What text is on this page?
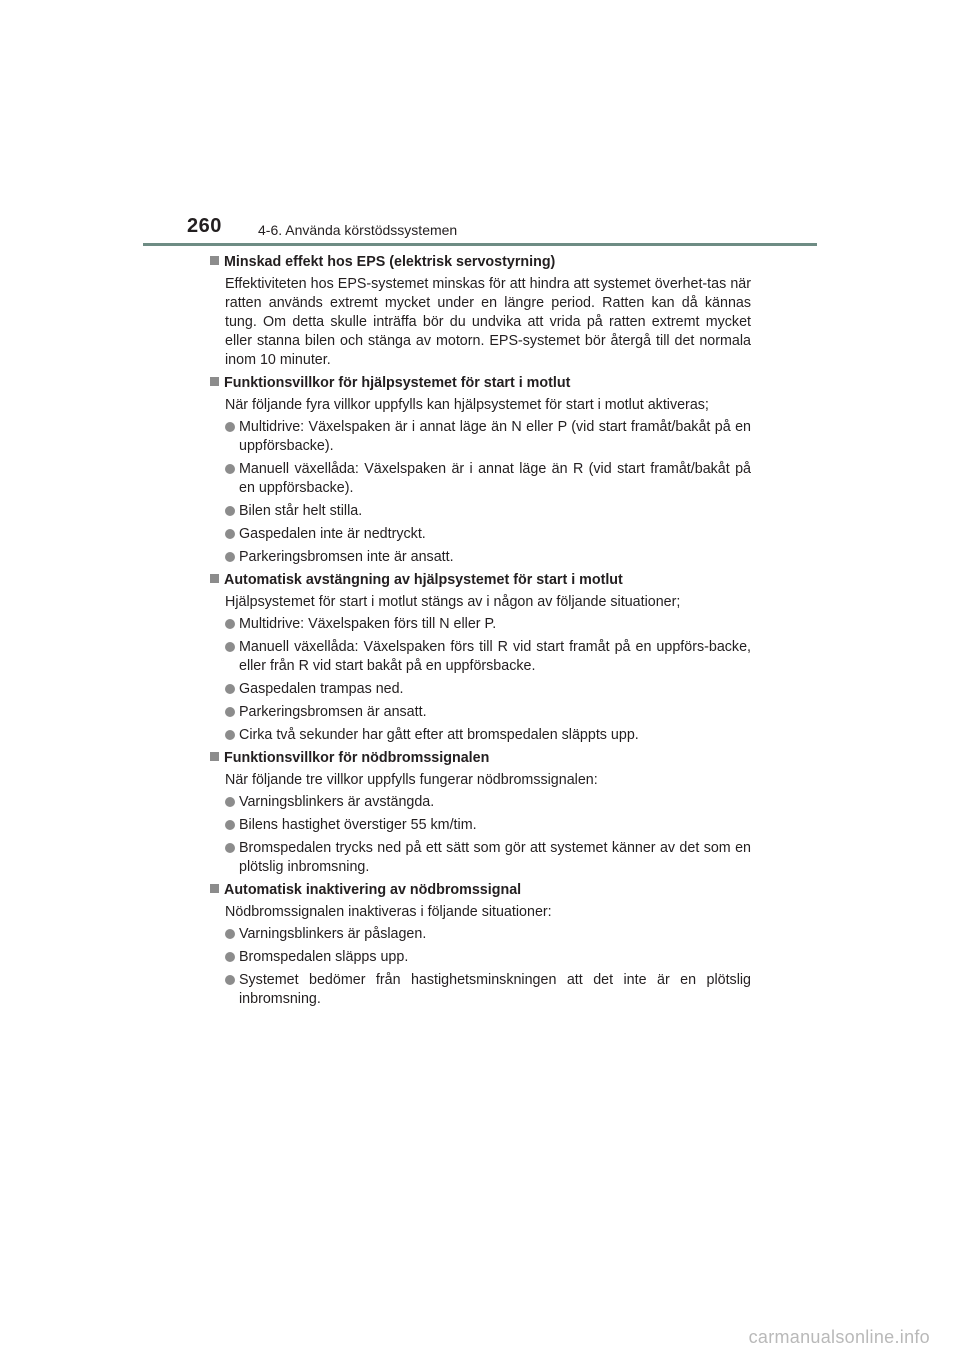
260	4-6. Använda körstödssystemen
Minskad effekt hos EPS (elektrisk servostyrning)
Effektiviteten hos EPS-systemet minskas för att hindra att systemet överhet-tas när ratten används extremt mycket under en längre period. Ratten kan då kännas tung. Om detta skulle inträffa bör du undvika att vrida på ratten extremt mycket eller stanna bilen och stänga av motorn. EPS-systemet bör återgå till det normala inom 10 minuter.
Funktionsvillkor för hjälpsystemet för start i motlut
När följande fyra villkor uppfylls kan hjälpsystemet för start i motlut aktiveras;
Multidrive: Växelspaken är i annat läge än N eller P (vid start framåt/bakåt på en uppförsbacke).
Manuell växellåda: Växelspaken är i annat läge än R (vid start framåt/bakåt på en uppförsbacke).
Bilen står helt stilla.
Gaspedalen inte är nedtryckt.
Parkeringsbromsen inte är ansatt.
Automatisk avstängning av hjälpsystemet för start i motlut
Hjälpsystemet för start i motlut stängs av i någon av följande situationer;
Multidrive: Växelspaken förs till N eller P.
Manuell växellåda: Växelspaken förs till R vid start framåt på en uppförs-backe, eller från R vid start bakåt på en uppförsbacke.
Gaspedalen trampas ned.
Parkeringsbromsen är ansatt.
Cirka två sekunder har gått efter att bromspedalen släppts upp.
Funktionsvillkor för nödbromssignalen
När följande tre villkor uppfylls fungerar nödbromssignalen:
Varningsblinkers är avstängda.
Bilens hastighet överstiger 55 km/tim.
Bromspedalen trycks ned på ett sätt som gör att systemet känner av det som en plötslig inbromsning.
Automatisk inaktivering av nödbromssignal
Nödbromssignalen inaktiveras i följande situationer:
Varningsblinkers är påslagen.
Bromspedalen släpps upp.
Systemet bedömer från hastighetsminskningen att det inte är en plötslig inbromsning.
carmanualsonline.info
